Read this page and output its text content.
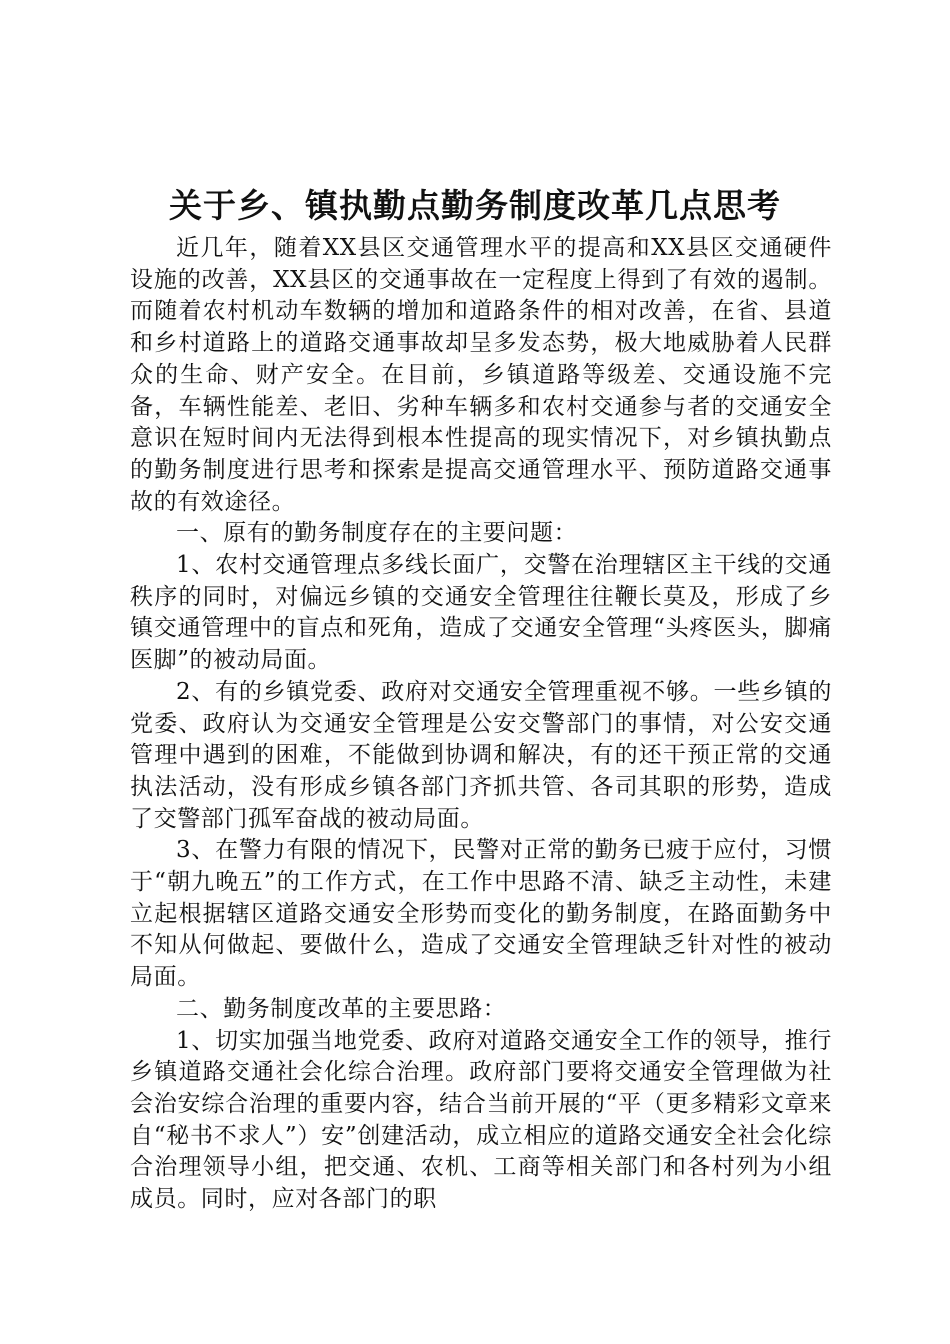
关于乡、镇执勤点勤务制度改革几点思考

近几年，随着XX县区交通管理水平的提高和XX县区交通硬件设施的改善，XX县区的交通事故在一定程度上得到了有效的遏制。而随着农村机动车数辆的增加和道路条件的相对改善，在省、县道和乡村道路上的道路交通事故却呈多发态势，极大地威胁着人民群众的生命、财产安全。在目前，乡镇道路等级差、交通设施不完备，车辆性能差、老旧、劣种车辆多和农村交通参与者的交通安全意识在短时间内无法得到根本性提高的现实情况下，对乡镇执勤点的勤务制度进行思考和探索是提高交通管理水平、预防道路交通事故的有效途径。

一、原有的勤务制度存在的主要问题：

1、农村交通管理点多线长面广，交警在治理辖区主干线的交通秩序的同时，对偏远乡镇的交通安全管理往往鞭长莫及，形成了乡镇交通管理中的盲点和死角，造成了交通安全管理“头疼医头，脚痛医脚”的被动局面。

2、有的乡镇党委、政府对交通安全管理重视不够。一些乡镇的党委、政府认为交通安全管理是公安交警部门的事情，对公安交通管理中遇到的困难，不能做到协调和解决，有的还干预正常的交通执法活动，没有形成乡镇各部门齐抓共管、各司其职的形势，造成了交警部门孤军奋战的被动局面。

3、在警力有限的情况下，民警对正常的勤务已疲于应付，习惯于“朝九晚五”的工作方式，在工作中思路不清、缺乏主动性，未建立起根据辖区道路交通安全形势而变化的勤务制度，在路面勤务中不知从何做起、要做什么，造成了交通安全管理缺乏针对性的被动局面。

二、勤务制度改革的主要思路：

1、切实加强当地党委、政府对道路交通安全工作的领导，推行乡镇道路交通社会化综合治理。政府部门要将交通安全管理做为社会治安综合治理的重要内容，结合当前开展的“平（更多精彩文章来自“秘书不求人”）安”创建活动，成立相应的道路交通安全社会化综合治理领导小组，把交通、农机、工商等相关部门和各村列为小组成员。同时，应对各部门的职
